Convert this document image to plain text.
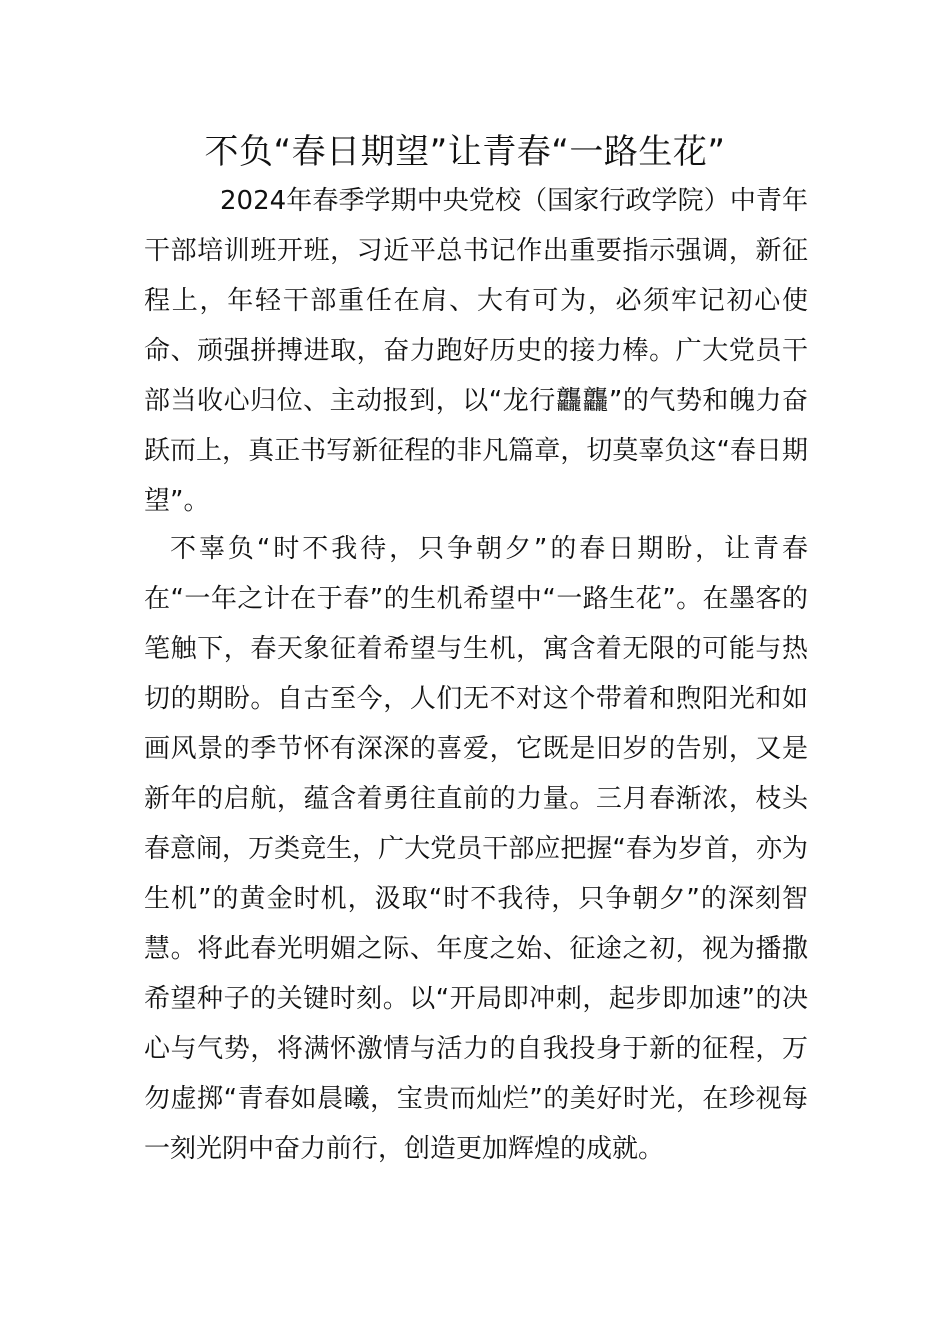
不负“春日期望”让青春“一路生花”

2024年春季学期中央党校（国家行政学院）中青年干部培训班开班，习近平总书记作出重要指示强调，新征程上，年轻干部重任在肩、大有可为，必须牢记初心使命、顽强拼搏进取，奋力跑好历史的接力棒。广大党员干部当收心归位、主动报到，以“龙行龘龘”的气势和魄力奋跃而上，真正书写新征程的非凡篇章，切莫辜负这“春日期望”。

不辜负“时不我待，只争朝夕”的春日期盼，让青春在“一年之计在于春”的生机希望中“一路生花”。在墨客的笔触下，春天象征着希望与生机，寓含着无限的可能与热切的期盼。自古至今，人们无不对这个带着和煦阳光和如画风景的季节怀有深深的喜爱，它既是旧岁的告别，又是新年的启航，蕴含着勇往直前的力量。三月春渐浓，枝头春意闹，万类竞生，广大党员干部应把握“春为岁首，亦为生机”的黄金时机，汲取“时不我待，只争朝夕”的深刻智慧。将此春光明媚之际、年度之始、征途之初，视为播撒希望种子的关键时刻。以“开局即冲刺，起步即加速”的决心与气势，将满怀激情与活力的自我投身于新的征程，万勿虚掷“青春如晨曦，宝贵而灿烂”的美好时光，在珍视每一刻光阴中奋力前行，创造更加辉煌的成就。
